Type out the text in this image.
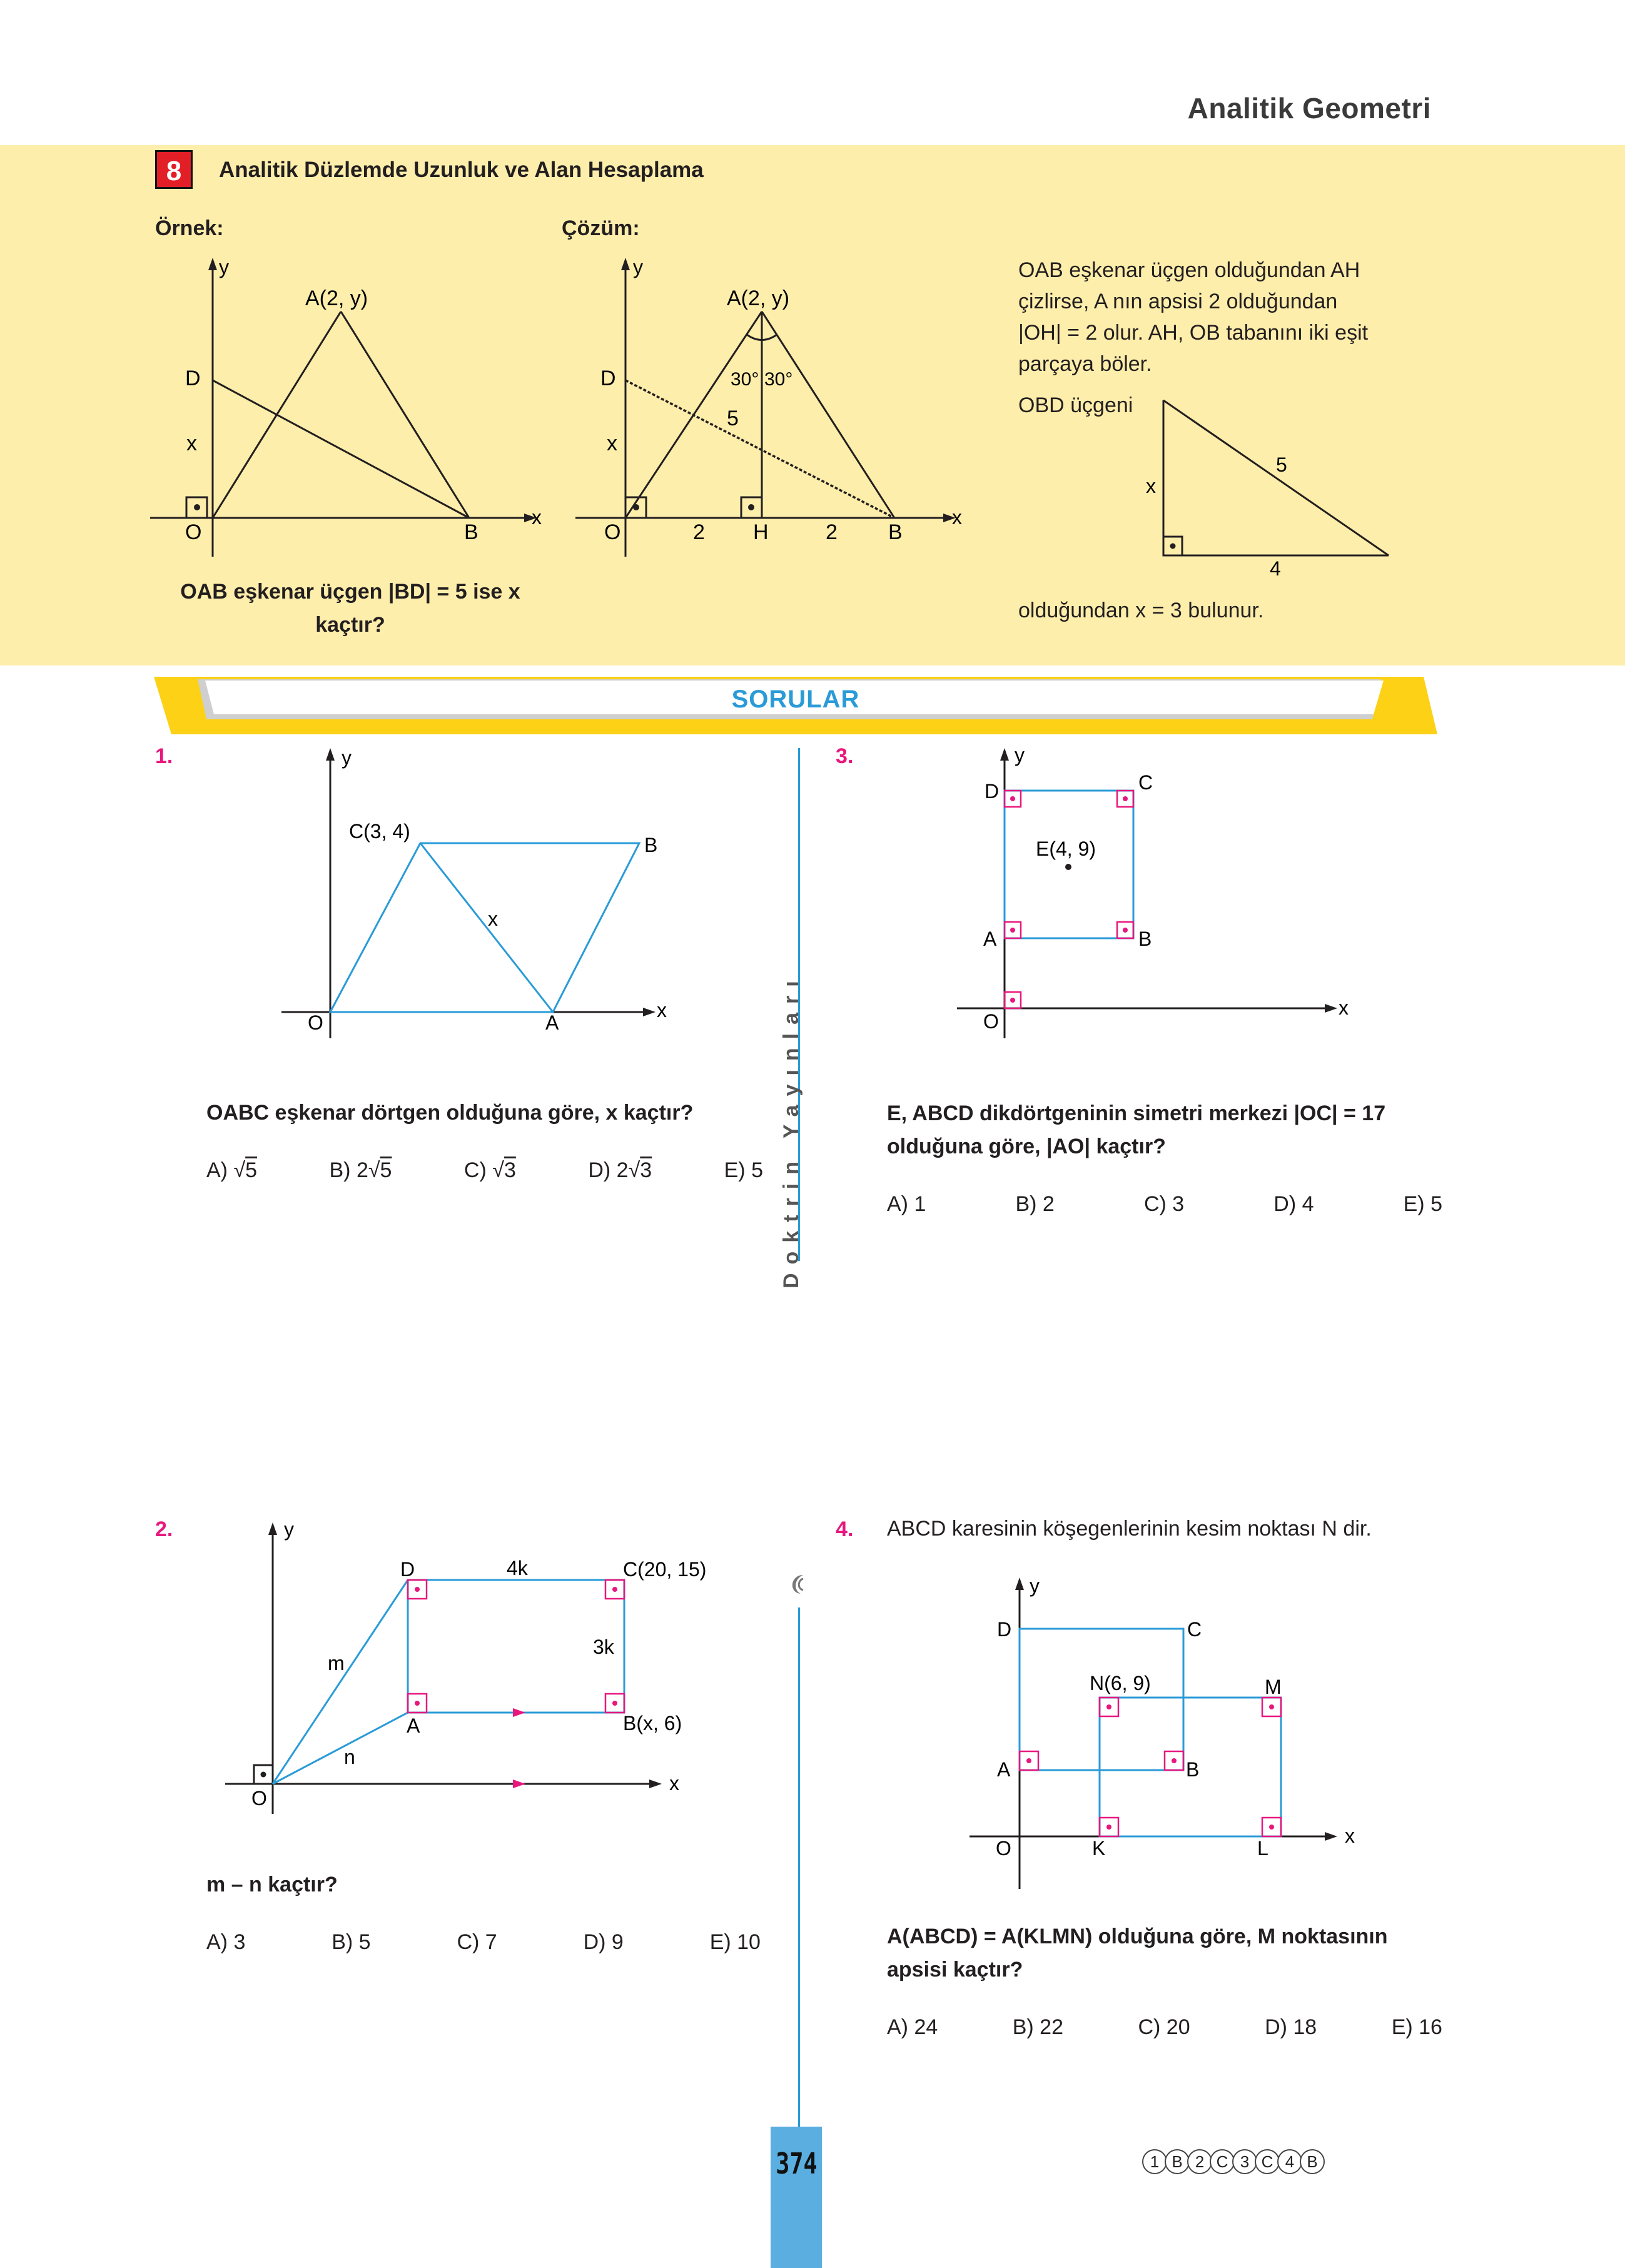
Analitik Geometri
8	Analitik Düzlemde Uzunluk ve Alan Hesaplama
Örnek:	Çözüm:
y
x
A(2, y)
D
x
O	B
OAB eşkenar üçgen |BD| = 5 ise x
kaçtır?
y
x
A(2, y)
30° 30°
D
5
x
O	2 H	2 B
OAB eşkenar üçgen olduğundan AH
çizlirse, A nın apsisi 2 olduğundan
|OH| = 2 olur. AH, OB tabanını iki eşit
parçaya böler.
OBD üçgeni
x
5
4
olduğundan x = 3 bulunur.
SORULAR
Doktrin Yayınları
1.	y
x
C(3, 4)
B
x
O	A
OABC eşkenar dörtgen olduğuna göre, x kaçtır?
A) √5	B) 2√5	C) √3	D) 2√3	E) 5
3.	y
x
D	C
E(4, 9)
A	B
O
E, ABCD dikdörtgeninin simetri merkezi |OC| = 17
olduğuna göre, |AO| kaçtır?
A) 1	B) 2	C) 3	D) 4	E) 5
2.	y
x
D	4k	C(20, 15)
3k
m
A	B(x, 6)
n
O
m – n kaçtır?
A) 3	B) 5	C) 7	D) 9	E) 10
4. ABCD karesinin köşegenlerinin kesim noktası N dir.
y
x
D	C
N(6, 9)	M
A	B
O	K	L
A(ABCD) = A(KLMN) olduğuna göre, M noktasının
apsisi kaçtır?
A) 24	B) 22	C) 20	D) 18	E) 16
374	1 B 2 C 3 C 4 B
